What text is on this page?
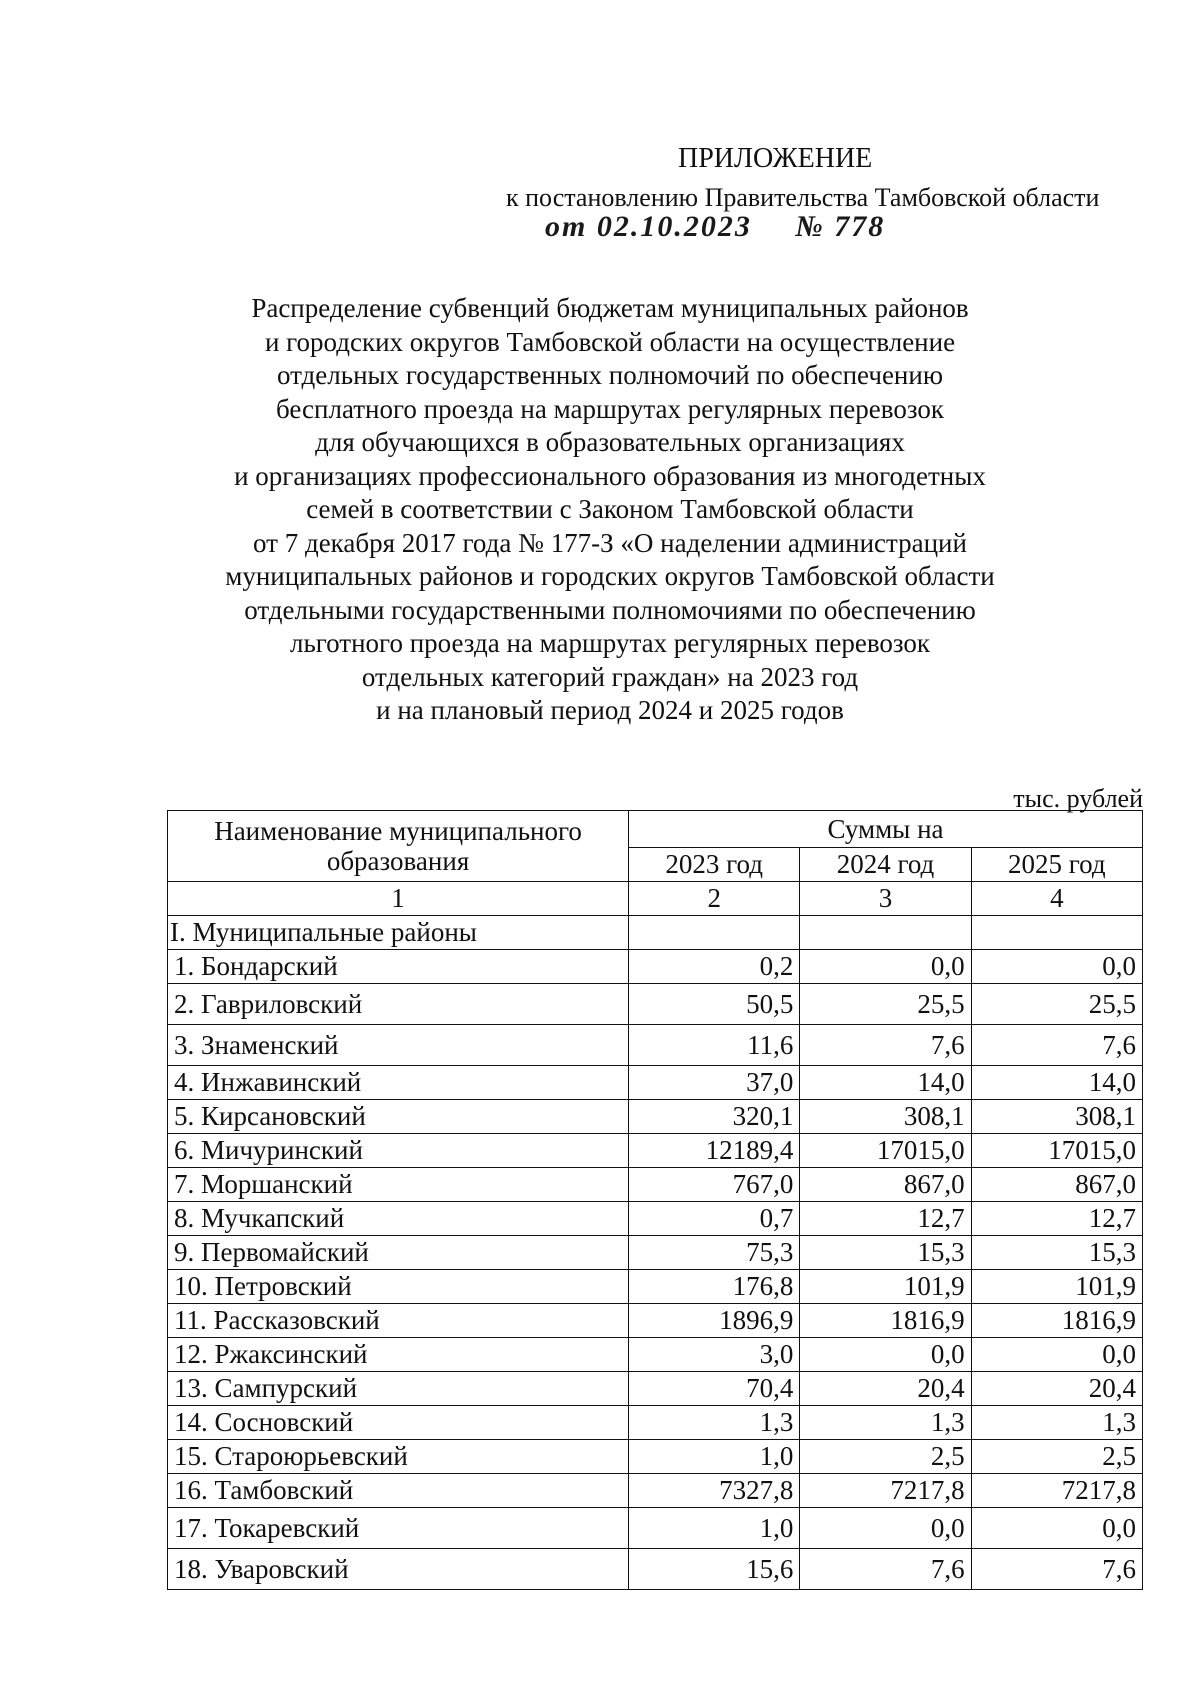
ПРИЛОЖЕНИЕ

к постановлению Правительства Тамбовской области

от 02.10.2023 № 778
Распределение субвенций бюджетам муниципальных районов
и городских округов Тамбовской области на осуществление
отдельных государственных полномочий по обеспечению
бесплатного проезда на маршрутах регулярных перевозок
для обучающихся в образовательных организациях
и организациях профессионального образования из многодетных
семей в соответствии с Законом Тамбовской области
от 7 декабря 2017 года № 177-З «О наделении администраций
муниципальных районов и городских округов Тамбовской области
отдельными государственными полномочиями по обеспечению
льготного проезда на маршрутах регулярных перевозок
отдельных категорий граждан» на 2023 год
и на плановый период 2024 и 2025 годов
тыс. рублей
Наименование муниципального образования	Суммы на		
	2023 год	2024 год	2025 год
1	2	3	4
I. Муниципальные районы			
1. Бондарский	0,2	0,0	0,0
2. Гавриловский	50,5	25,5	25,5
3. Знаменский	11,6	7,6	7,6
4. Инжавинский	37,0	14,0	14,0
5. Кирсановский	320,1	308,1	308,1
6. Мичуринский	12189,4	17015,0	17015,0
7. Моршанский	767,0	867,0	867,0
8. Мучкапский	0,7	12,7	12,7
9. Первомайский	75,3	15,3	15,3
10. Петровский	176,8	101,9	101,9
11. Рассказовский	1896,9	1816,9	1816,9
12. Ржаксинский	3,0	0,0	0,0
13. Сампурский	70,4	20,4	20,4
14. Сосновский	1,3	1,3	1,3
15. Староюрьевский	1,0	2,5	2,5
16. Тамбовский	7327,8	7217,8	7217,8
17. Токаревский	1,0	0,0	0,0
18. Уваровский	15,6	7,6	7,6
